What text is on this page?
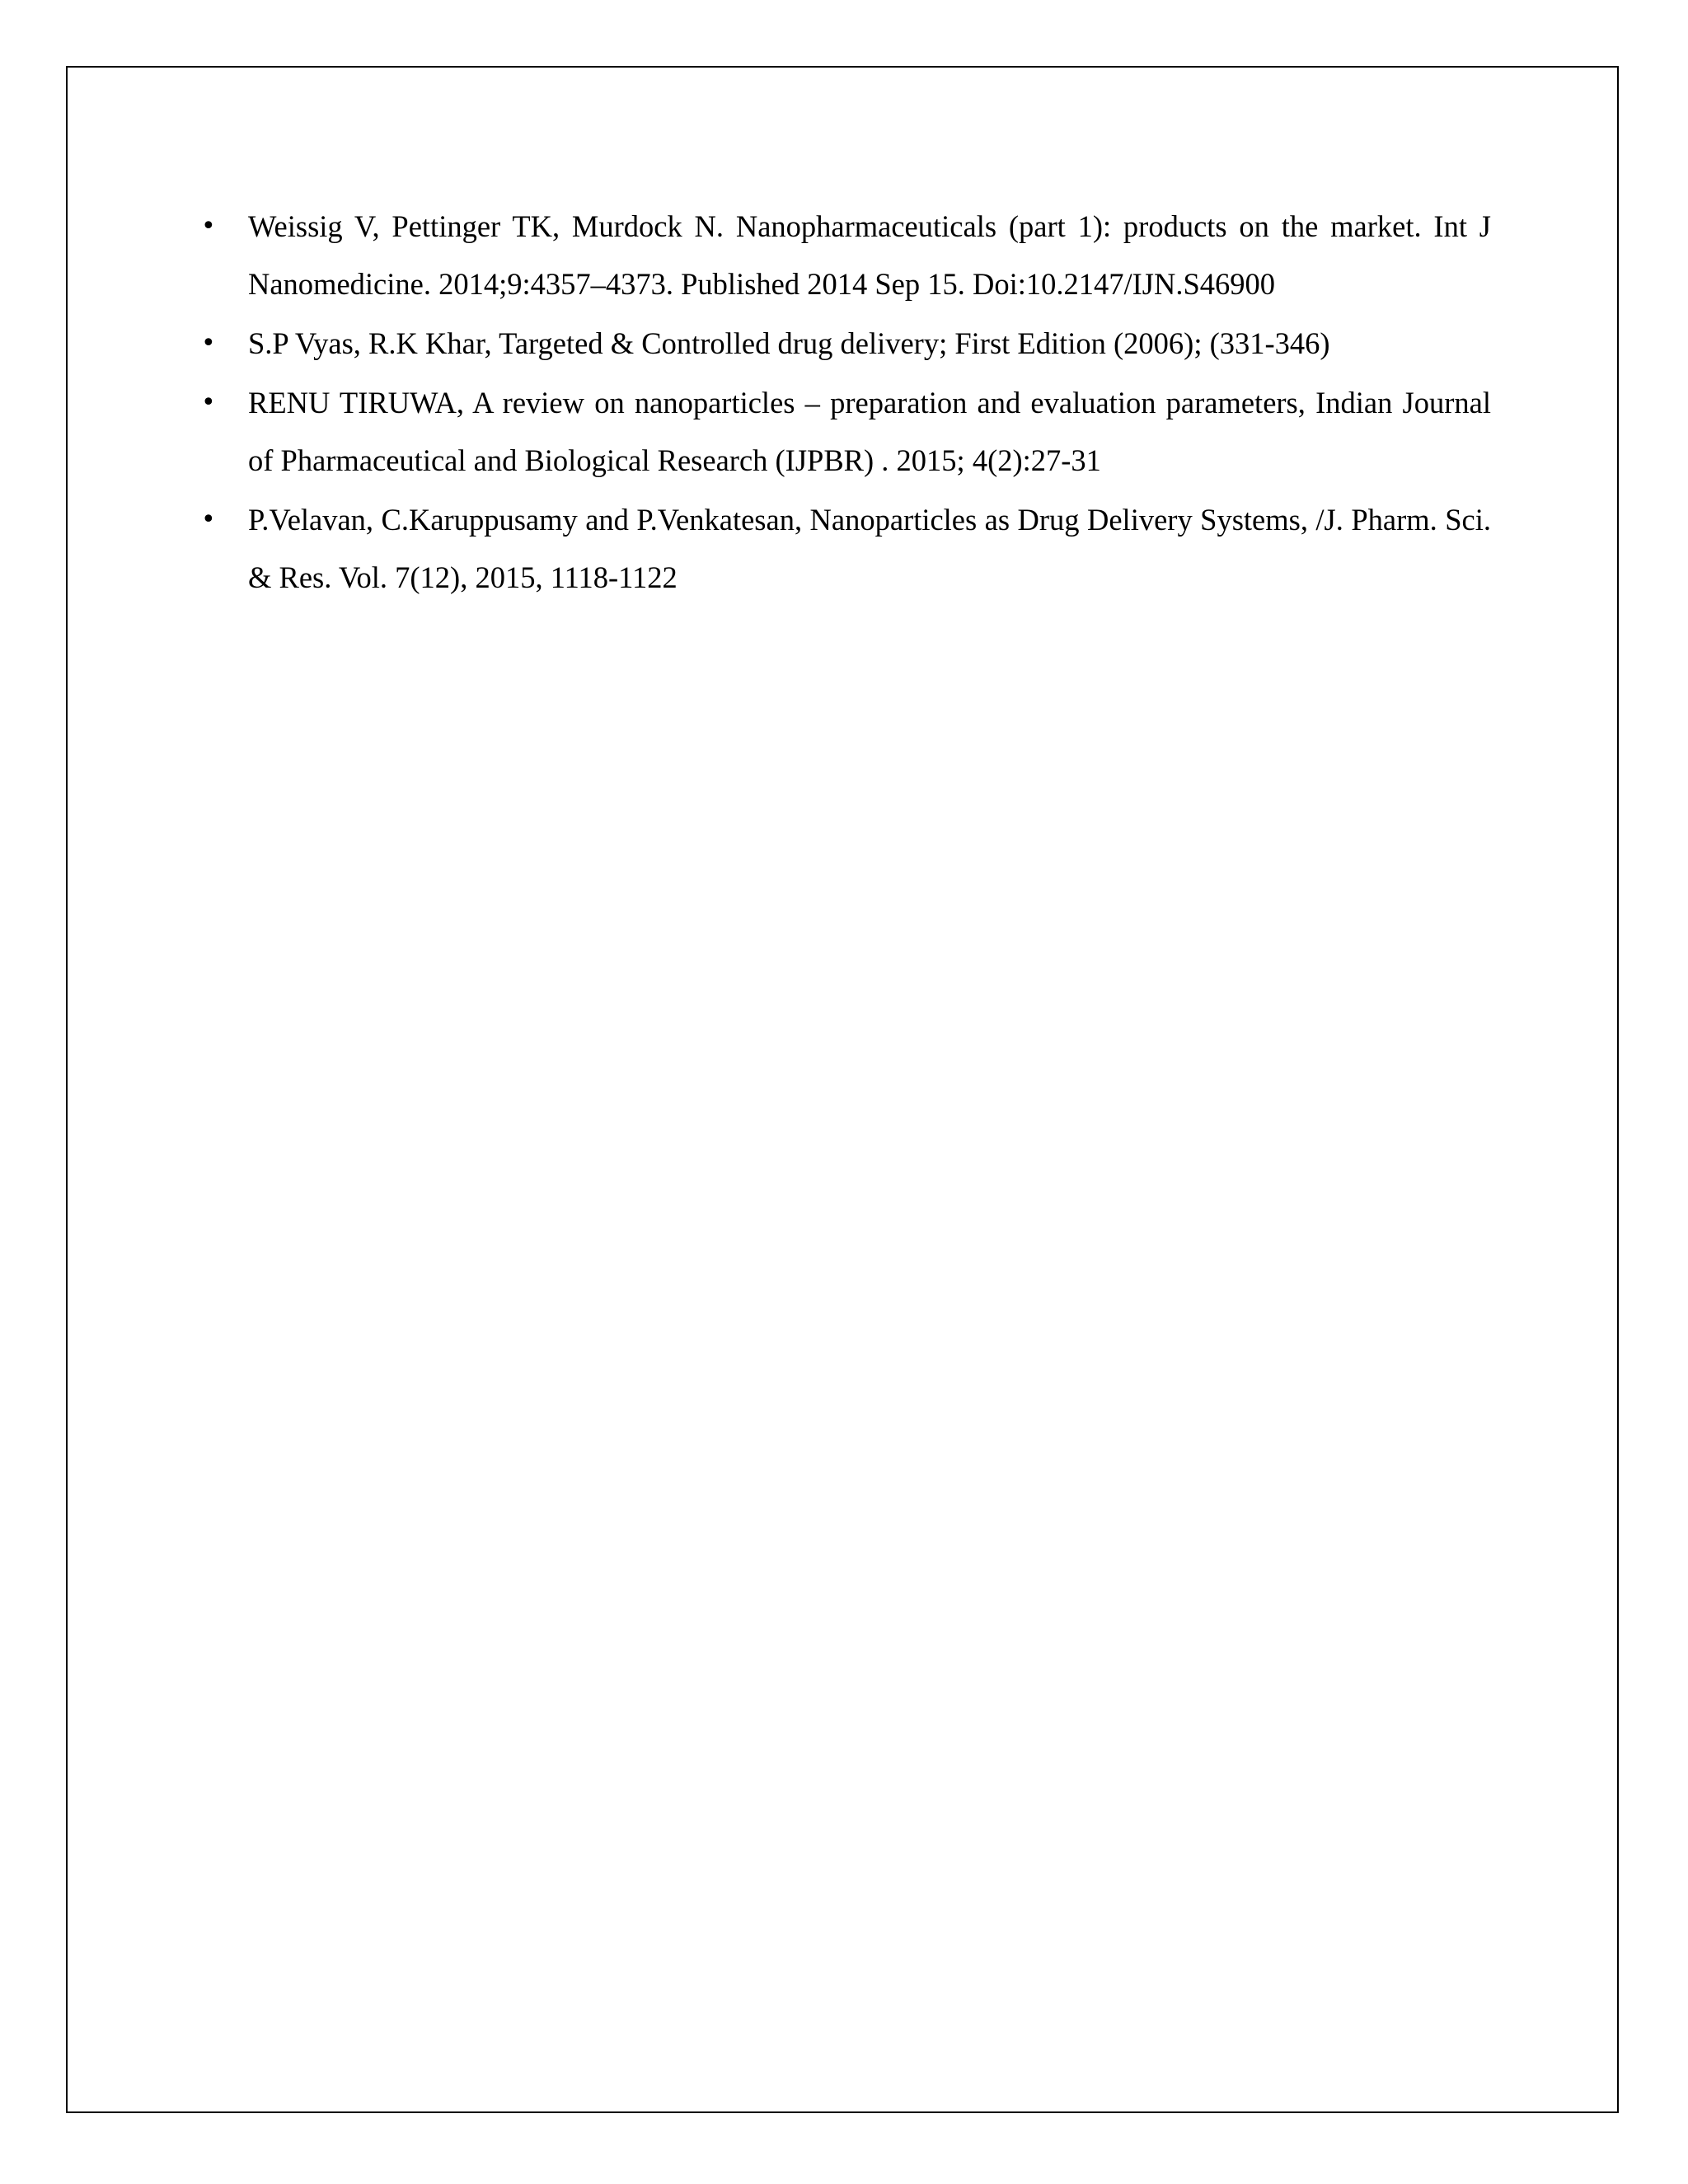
• Weissig V, Pettinger TK, Murdock N. Nanopharmaceuticals (part 1): products on the market. Int J Nanomedicine. 2014;9:4357–4373. Published 2014 Sep 15. Doi:10.2147/IJN.S46900
• S.P Vyas, R.K Khar, Targeted & Controlled drug delivery; First Edition (2006); (331-346)
• RENU TIRUWA, A review on nanoparticles – preparation and evaluation parameters, Indian Journal of Pharmaceutical and Biological Research (IJPBR) . 2015; 4(2):27-31
• P.Velavan, C.Karuppusamy and P.Venkatesan, Nanoparticles as Drug Delivery Systems, /J. Pharm. Sci. & Res. Vol. 7(12), 2015, 1118-1122
